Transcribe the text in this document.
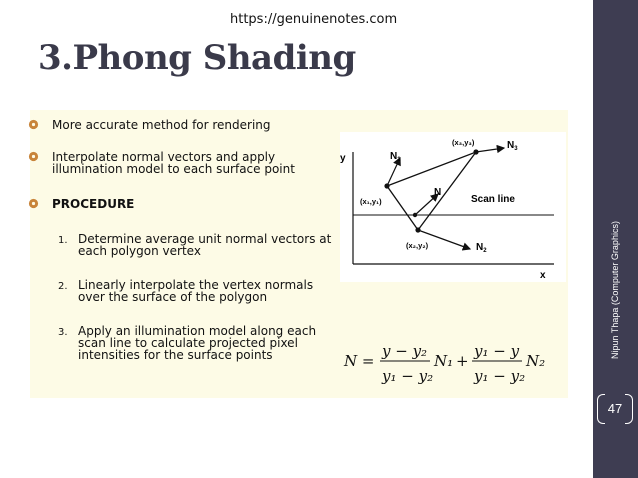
https://genuinenotes.com
3.Phong Shading
Nipun Thapa (Computer Graphics)
47
More accurate method for rendering
Interpolate normal vectors and apply
illumination model to each surface point
PROCEDURE
1. Determine average unit normal vectors at
each polygon vertex
2. Linearly interpolate the vertex normals
over the surface of the polygon
3. Apply an illumination model along each
scan line to calculate projected pixel
intensities for the surface points
y
x
$N_1$
$N_3$
$N_2$
N
Scan line
(x₁,y₁)
(x₂,y₂)
(x₃,y₃)
N =
y − y₂
y₁ − y₂
N₁ +
y₁ − y
y₁ − y₂
N₂
